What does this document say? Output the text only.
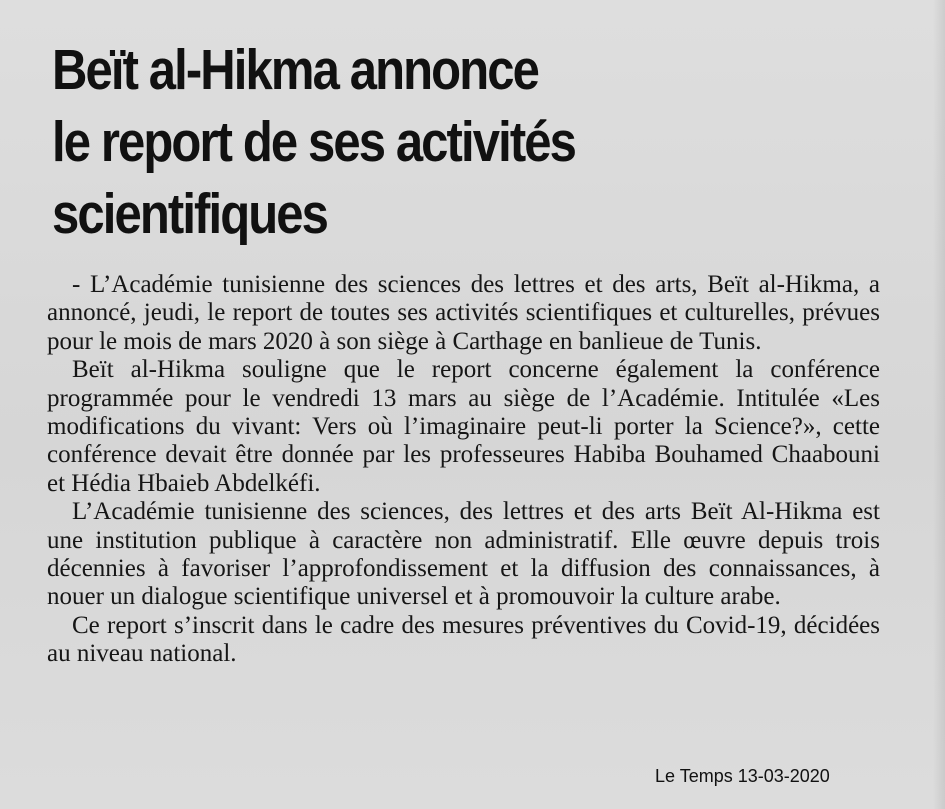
Beït al-Hikma annonce
le report de ses activités
scientifiques

- L’Académie tunisienne des sciences des lettres et des arts, Beït al-Hikma, a annoncé, jeudi, le report de toutes ses activités scientifiques et culturelles, prévues pour le mois de mars 2020 à son siège à Carthage en banlieue de Tunis.

Beït al-Hikma souligne que le report concerne également la conférence programmée pour le vendredi 13 mars au siège de l’Académie. Intitulée «Les modifications du vivant: Vers où l’imaginaire peut-li porter la Science?», cette conférence devait être donnée par les professeures Habiba Bouhamed Chaabouni et Hédia Hbaieb Abdelkéfi.

L’Académie tunisienne des sciences, des lettres et des arts Beït Al-Hikma est une institution publique à caractère non administratif. Elle œuvre depuis trois décennies à favoriser l’approfondissement et la diffusion des connaissances, à nouer un dialogue scientifique universel et à promouvoir la culture arabe.

Ce report s’inscrit dans le cadre des mesures préventives du Covid-19, décidées au niveau national.

Le Temps 13-03-2020
